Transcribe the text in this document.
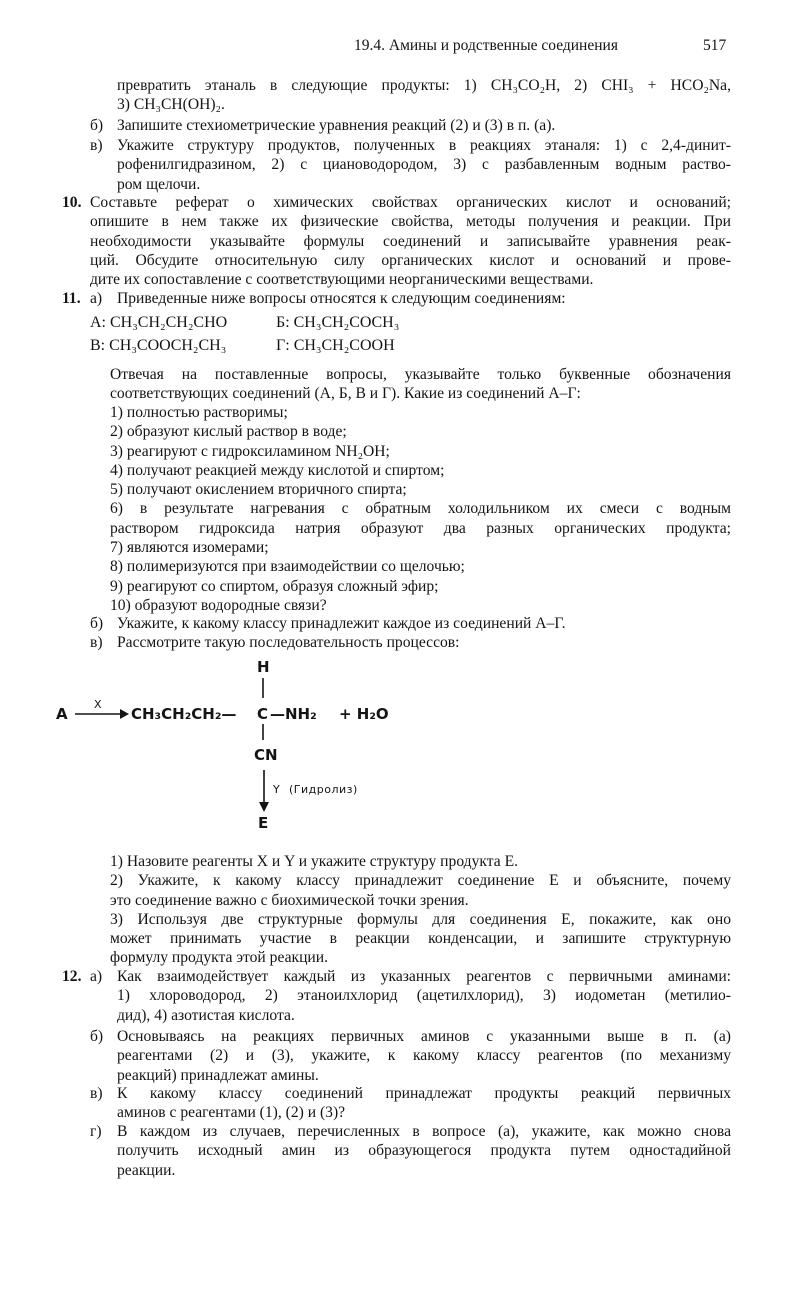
19.4. Амины и родственные соединения	517
превратить этаналь в следующие продукты: 1) CH₃CO₂H, 2) CHI₃ + HCO₂Na,
3) CH₃CH(OH)₂.
б) Запишите стехиометрические уравнения реакций (2) и (3) в п. (а).
в) Укажите структуру продуктов, полученных в реакциях этаналя: 1) с 2,4-динит-
рофенилгидразином, 2) с циановодородом, 3) с разбавленным водным раство-
ром щелочи.
10. Составьте реферат о химических свойствах органических кислот и оснований;
опишите в нем также их физические свойства, методы получения и реакции. При
необходимости указывайте формулы соединений и записывайте уравнения реак-
ций. Обсудите относительную силу органических кислот и оснований и прове-
дите их сопоставление с соответствующими неорганическими веществами.
11. а) Приведенные ниже вопросы относятся к следующим соединениям:
А: CH₃CH₂CH₂CHO	Б: CH₃CH₂COCH₃
В: CH₃COOCH₂CH₃	Г: CH₃CH₂COOH
Отвечая на поставленные вопросы, указывайте только буквенные обозначения
соответствующих соединений (А, Б, В и Г). Какие из соединений А–Г:
1) полностью растворимы;
2) образуют кислый раствор в воде;
3) реагируют с гидроксиламином NH₂OH;
4) получают реакцией между кислотой и спиртом;
5) получают окислением вторичного спирта;
6) в результате нагревания с обратным холодильником их смеси с водным
раствором гидроксида натрия образуют два разных органических продукта;
7) являются изомерами;
8) полимеризуются при взаимодействии со щелочью;
9) реагируют со спиртом, образуя сложный эфир;
10) образуют водородные связи?
б) Укажите, к какому классу принадлежит каждое из соединений А–Г.
в) Рассмотрите такую последовательность процессов:
A
X
CH₃CH₂CH₂— C —NH₂ + H₂O
H
CN
Y (Гидролиз)
E
1) Назовите реагенты X и Y и укажите структуру продукта E.
2) Укажите, к какому классу принадлежит соединение E и объясните, почему
это соединение важно с биохимической точки зрения.
3) Используя две структурные формулы для соединения E, покажите, как оно
может принимать участие в реакции конденсации, и запишите структурную
формулу продукта этой реакции.
12. а) Как взаимодействует каждый из указанных реагентов с первичными аминами:
1) хлороводород, 2) этаноилхлорид (ацетилхлорид), 3) иодометан (метилио-
дид), 4) азотистая кислота.
б) Основываясь на реакциях первичных аминов с указанными выше в п. (а)
реагентами (2) и (3), укажите, к какому классу реагентов (по механизму
реакций) принадлежат амины.
в) К какому классу соединений принадлежат продукты реакций первичных
аминов с реагентами (1), (2) и (3)?
г) В каждом из случаев, перечисленных в вопросе (а), укажите, как можно снова
получить исходный амин из образующегося продукта путем одностадийной
реакции.
